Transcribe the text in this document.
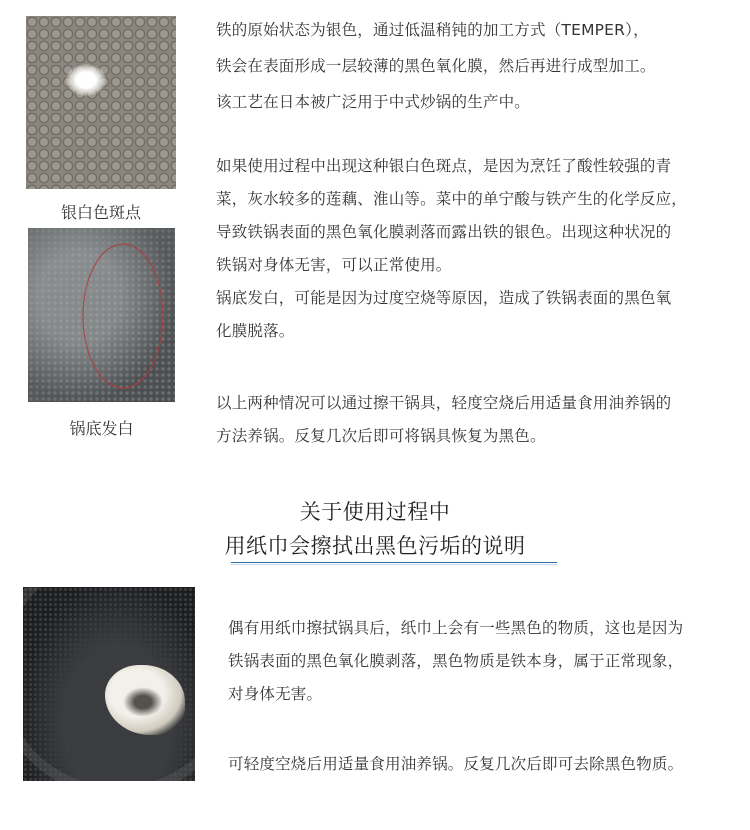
银白色斑点
锅底发白

铁的原始状态为银色，通过低温稍钝的加工方式（TEMPER），

铁会在表面形成一层较薄的黑色氧化膜，然后再进行成型加工。

该工艺在日本被广泛用于中式炒锅的生产中。

如果使用过程中出现这种银白色斑点，是因为烹饪了酸性较强的青

菜，灰水较多的莲藕、淮山等。菜中的单宁酸与铁产生的化学反应，

导致铁锅表面的黑色氧化膜剥落而露出铁的银色。出现这种状况的

铁锅对身体无害，可以正常使用。

锅底发白，可能是因为过度空烧等原因，造成了铁锅表面的黑色氧

化膜脱落。

以上两种情况可以通过擦干锅具，轻度空烧后用适量食用油养锅的

方法养锅。反复几次后即可将锅具恢复为黑色。

关于使用过程中
用纸巾会擦拭出黑色污垢的说明

偶有用纸巾擦拭锅具后，纸巾上会有一些黑色的物质，这也是因为

铁锅表面的黑色氧化膜剥落，黑色物质是铁本身，属于正常现象，

对身体无害。

可轻度空烧后用适量食用油养锅。反复几次后即可去除黑色物质。
